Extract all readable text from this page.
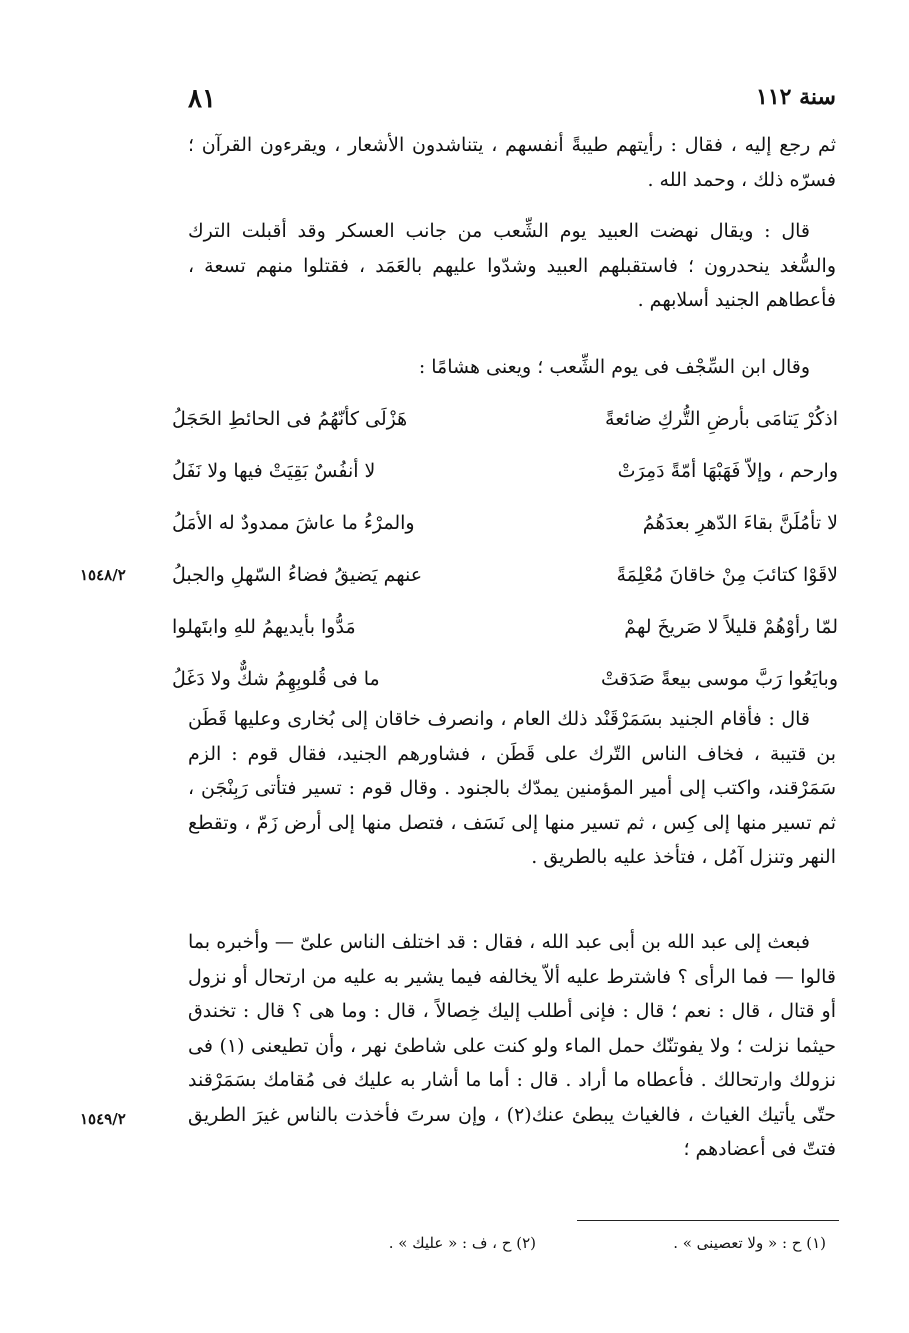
سنة ١١٢
٨١
ثم رجع إليه ، فقال : رأيتهم طيبةً أنفسهم ، يتناشدون الأشعار ، ويقرءون القرآن ؛ فسرّه ذلك ، وحمد الله .
قال : ويقال نهضت العبيد يوم الشِّعب من جانب العسكر وقد أقبلت الترك والسُّغد ينحدرون ؛ فاستقبلهم العبيد وشدّوا عليهم بالعَمَد ، فقتلوا منهم تسعة ، فأعطاهم الجنيد أسلابهم .
وقال ابن السِّجْف فى يوم الشِّعب ؛ ويعنى هشامًا :
اذكُرْ يَتامَى بأرضِ التُّركِ ضائعةً
هَزْلَى كأنّهُمُ فى الحائطِ الحَجَلُ
وارحم ، وإلاّ فَهَبْهَا أمّةً دَمِرَتْ
لا أنفُسٌ بَقِيَتْ فيها ولا نَفَلُ
لا تأمُلَنَّ بقاءَ الدّهرِ بعدَهُمُ
والمرْءُ ما عاشَ ممدودٌ له الأمَلُ
لاقَوْا كتائبَ مِنْ خاقانَ مُعْلِمَةً
عنهم يَضيقُ فضاءُ السّهلِ والجبلُ
لمّا رأوْهُمْ قليلاً لا صَريخَ لهمْ
مَدُّوا بأيديهمُ للهِ وابتَهلوا
وبايَعُوا رَبَّ موسى بيعةً صَدَقتْ
ما فى قُلوبِهِمُ شكٌّ ولا دَغَلُ
١٥٤٨/٢
قال : فأقام الجنيد بسَمَرْقَنْد ذلك العام ، وانصرف خاقان إلى بُخارى وعليها قَطَن بن قتيبة ، فخاف الناس التّرك على قَطَن ، فشاورهم الجنيد، فقال قوم : الزم سَمَرْقند، واكتب إلى أمير المؤمنين يمدّك بالجنود . وقال قوم : تسير فتأتى رَبِنْجَن ، ثم تسير منها إلى كِس ، ثم تسير منها إلى نَسَف ، فتصل منها إلى أرض زَمّ ، وتقطع النهر وتنزل آمُل ، فتأخذ عليه بالطريق .
فبعث إلى عبد الله بن أبى عبد الله ، فقال : قد اختلف الناس علىّ — وأخبره بما قالوا — فما الرأى ؟ فاشترط عليه ألاّ يخالفه فيما يشير به عليه من ارتحال أو نزول أو قتال ، قال : نعم ؛ قال : فإنى أطلب إليك خِصالاً ، قال : وما هى ؟ قال : تخندق حيثما نزلت ؛ ولا يفوتنّك حمل الماء ولو كنت على شاطئ نهر ، وأن تطيعنى (١) فى نزولك وارتحالك . فأعطاه ما أراد . قال : أما ما أشار به عليك فى مُقامك بسَمَرْقند حتّى يأتيك الغياث ، فالغياث يبطئ عنك(٢) ، وإن سرتَ فأخذت بالناس غيرَ الطريق فتتّ فى أعضادهم ؛
١٥٤٩/٢
(١) ح : « ولا تعصينى » .
(٢) ح ، ف : « عليك » .
